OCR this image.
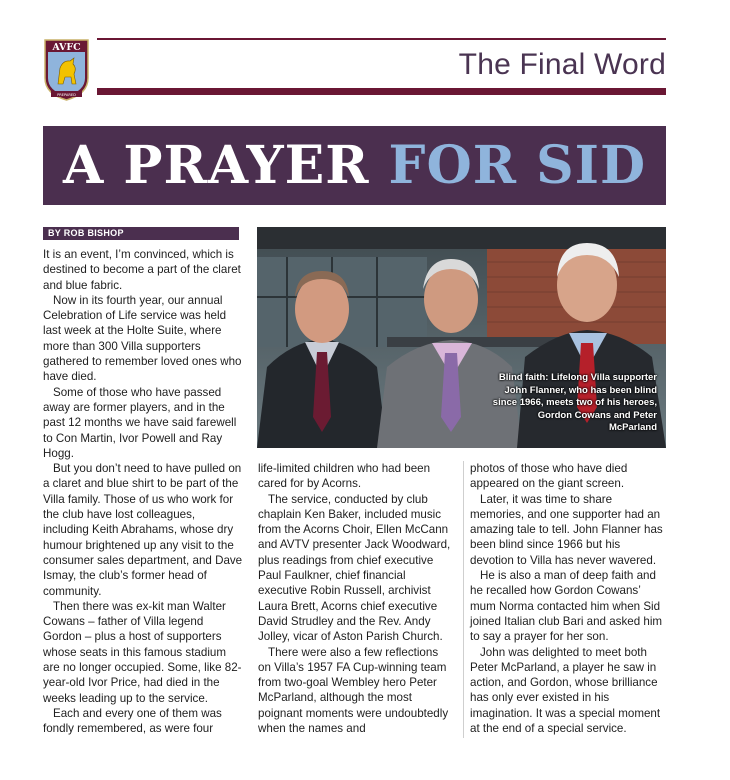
AVFC
PREPARED
The Final Word
A PRAYER FOR SID
BY ROB BISHOP

It is an event, I’m convinced, which is destined to become a part of the claret and blue fabric.

Now in its fourth year, our annual Celebration of Life service was held last week at the Holte Suite, where more than 300 Villa supporters gathered to remember loved ones who have died.

Some of those who have passed away are former players, and in the past 12 months we have said farewell to Con Martin, Ivor Powell and Ray Hogg.

But you don’t need to have pulled on a claret and blue shirt to be part of the Villa family. Those of us who work for the club have lost colleagues, including Keith Abrahams, whose dry humour brightened up any visit to the consumer sales department, and Dave Ismay, the club’s former head of community.

Then there was ex-kit man Walter Cowans – father of Villa legend Gordon – plus a host of supporters whose seats in this famous stadium are no longer occupied. Some, like 82-year-old Ivor Price, had died in the weeks leading up to the service.

Each and every one of them was fondly remembered, as were four

Blind faith: Lifelong Villa supporter John Flanner, who has been blind since 1966, meets two of his heroes, Gordon Cowans and Peter McParland

life-limited children who had been cared for by Acorns.

The service, conducted by club chaplain Ken Baker, included music from the Acorns Choir, Ellen McCann and AVTV presenter Jack Woodward, plus readings from chief executive Paul Faulkner, chief financial executive Robin Russell, archivist Laura Brett, Acorns chief executive David Strudley and the Rev. Andy Jolley, vicar of Aston Parish Church.

There were also a few reflections on Villa’s 1957 FA Cup-winning team from two-goal Wembley hero Peter McParland, although the most poignant moments were undoubtedly when the names and

photos of those who have died appeared on the giant screen.

Later, it was time to share memories, and one supporter had an amazing tale to tell. John Flanner has been blind since 1966 but his devotion to Villa has never wavered.

He is also a man of deep faith and he recalled how Gordon Cowans’ mum Norma contacted him when Sid joined Italian club Bari and asked him to say a prayer for her son.

John was delighted to meet both Peter McParland, a player he saw in action, and Gordon, whose brilliance has only ever existed in his imagination. It was a special moment at the end of a special service.
